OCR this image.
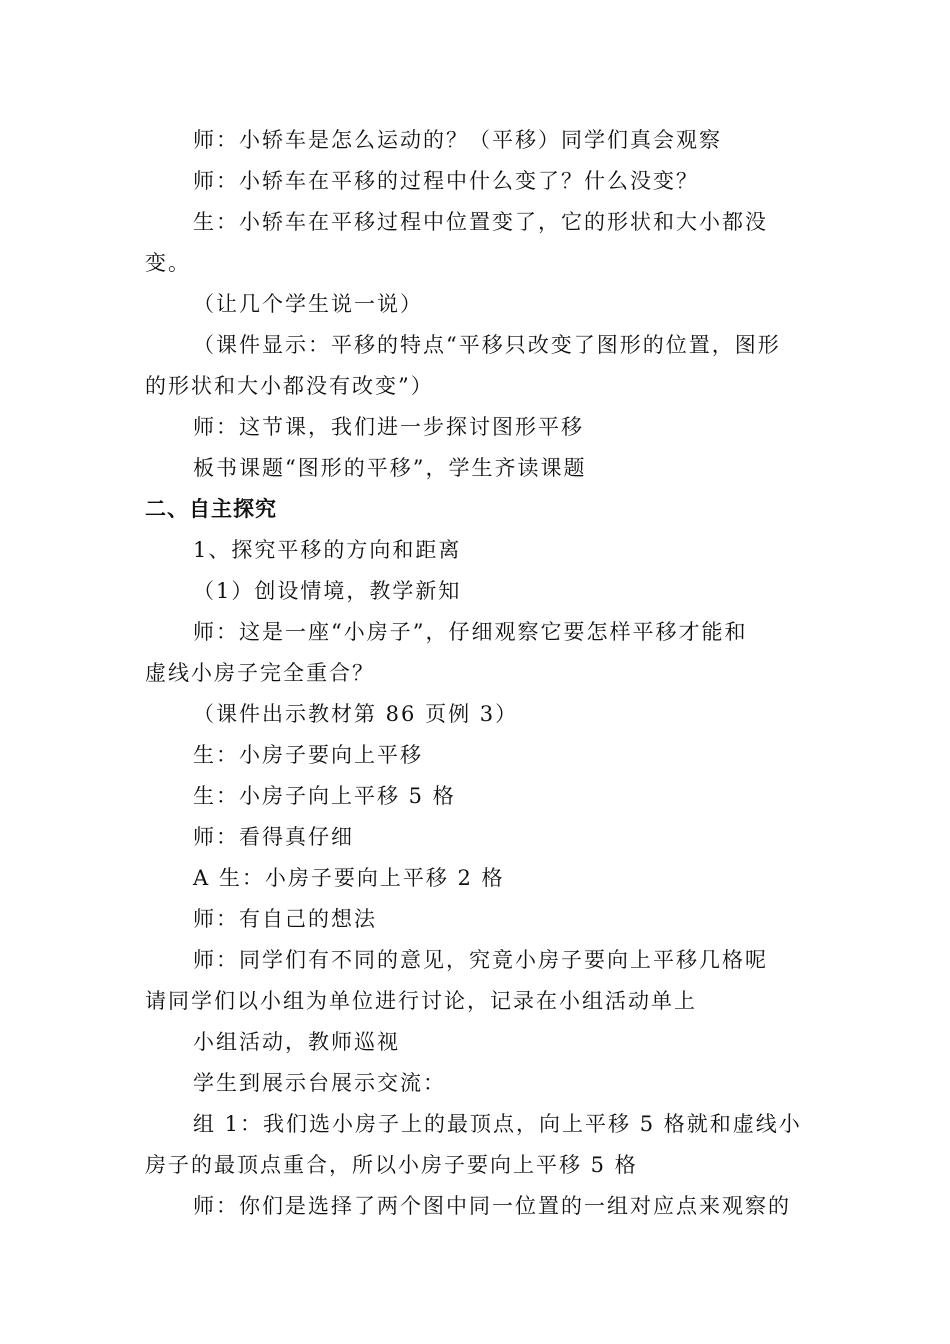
师：小轿车是怎么运动的？（平移）同学们真会观察
师：小轿车在平移的过程中什么变了？什么没变？
生：小轿车在平移过程中位置变了，它的形状和大小都没
变。
（让几个学生说一说）
（课件显示：平移的特点“平移只改变了图形的位置，图形
的形状和大小都没有改变”）
师：这节课，我们进一步探讨图形平移
板书课题“图形的平移”，学生齐读课题
二、自主探究
1、探究平移的方向和距离
（1）创设情境，教学新知
师：这是一座“小房子”，仔细观察它要怎样平移才能和
虚线小房子完全重合？
（课件出示教材第 86 页例 3）
生：小房子要向上平移
生：小房子向上平移 5 格
师：看得真仔细
A 生：小房子要向上平移 2 格
师：有自己的想法
师：同学们有不同的意见，究竟小房子要向上平移几格呢
请同学们以小组为单位进行讨论，记录在小组活动单上
小组活动，教师巡视
学生到展示台展示交流：
组 1：我们选小房子上的最顶点，向上平移 5 格就和虚线小
房子的最顶点重合，所以小房子要向上平移 5 格
师：你们是选择了两个图中同一位置的一组对应点来观察的
